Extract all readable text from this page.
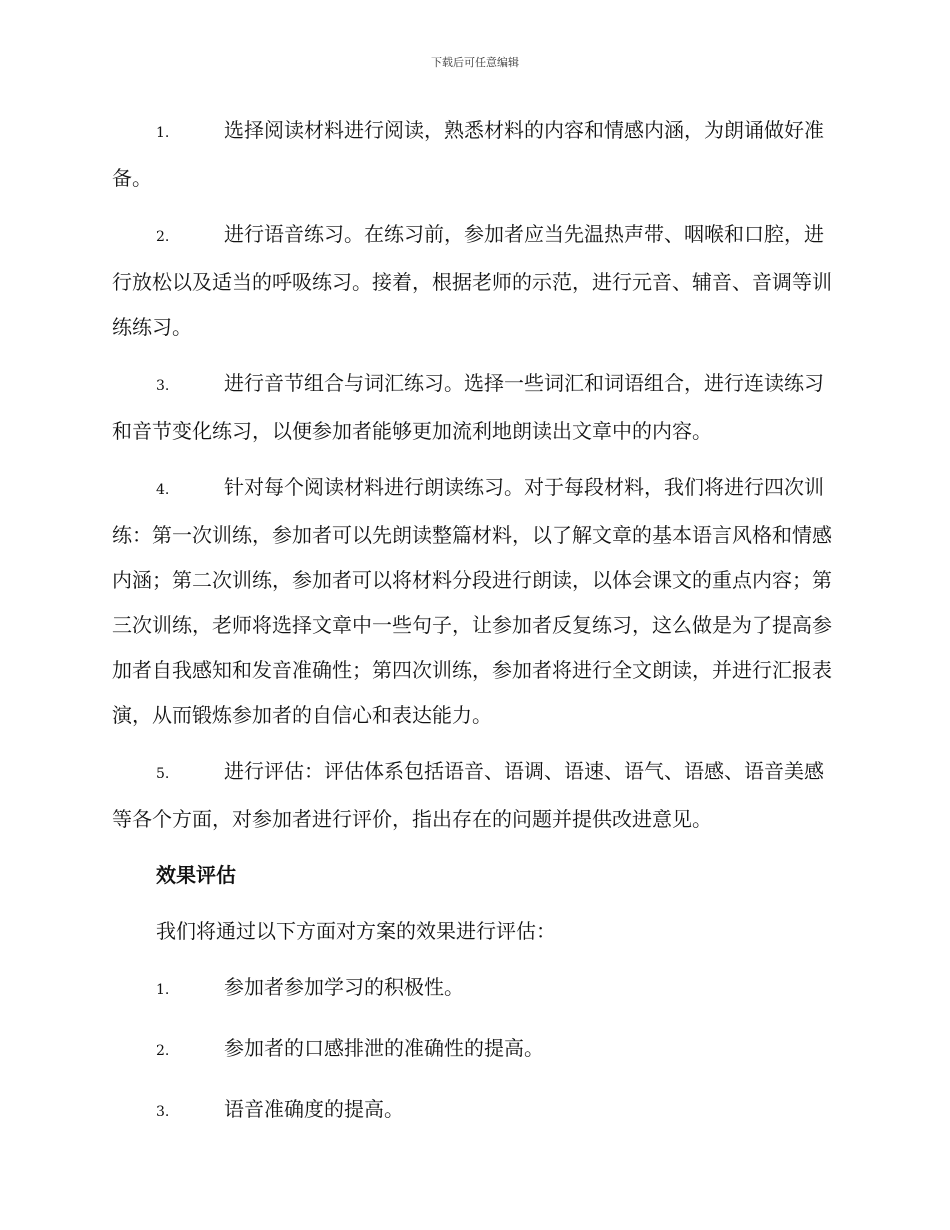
下载后可任意编辑
1.	选择阅读材料进行阅读，熟悉材料的内容和情感内涵，为朗诵做好准备。
2.	进行语音练习。在练习前，参加者应当先温热声带、咽喉和口腔，进行放松以及适当的呼吸练习。接着，根据老师的示范，进行元音、辅音、音调等训练练习。
3.	进行音节组合与词汇练习。选择一些词汇和词语组合，进行连读练习和音节变化练习，以便参加者能够更加流利地朗读出文章中的内容。
4.	针对每个阅读材料进行朗读练习。对于每段材料，我们将进行四次训练：第一次训练，参加者可以先朗读整篇材料，以了解文章的基本语言风格和情感内涵；第二次训练，参加者可以将材料分段进行朗读，以体会课文的重点内容；第三次训练，老师将选择文章中一些句子，让参加者反复练习，这么做是为了提高参加者自我感知和发音准确性；第四次训练，参加者将进行全文朗读，并进行汇报表演，从而锻炼参加者的自信心和表达能力。
5.	进行评估：评估体系包括语音、语调、语速、语气、语感、语音美感等各个方面，对参加者进行评价，指出存在的问题并提供改进意见。
效果评估
我们将通过以下方面对方案的效果进行评估：
1.	参加者参加学习的积极性。
2.	参加者的口感排泄的准确性的提高。
3.	语音准确度的提高。
